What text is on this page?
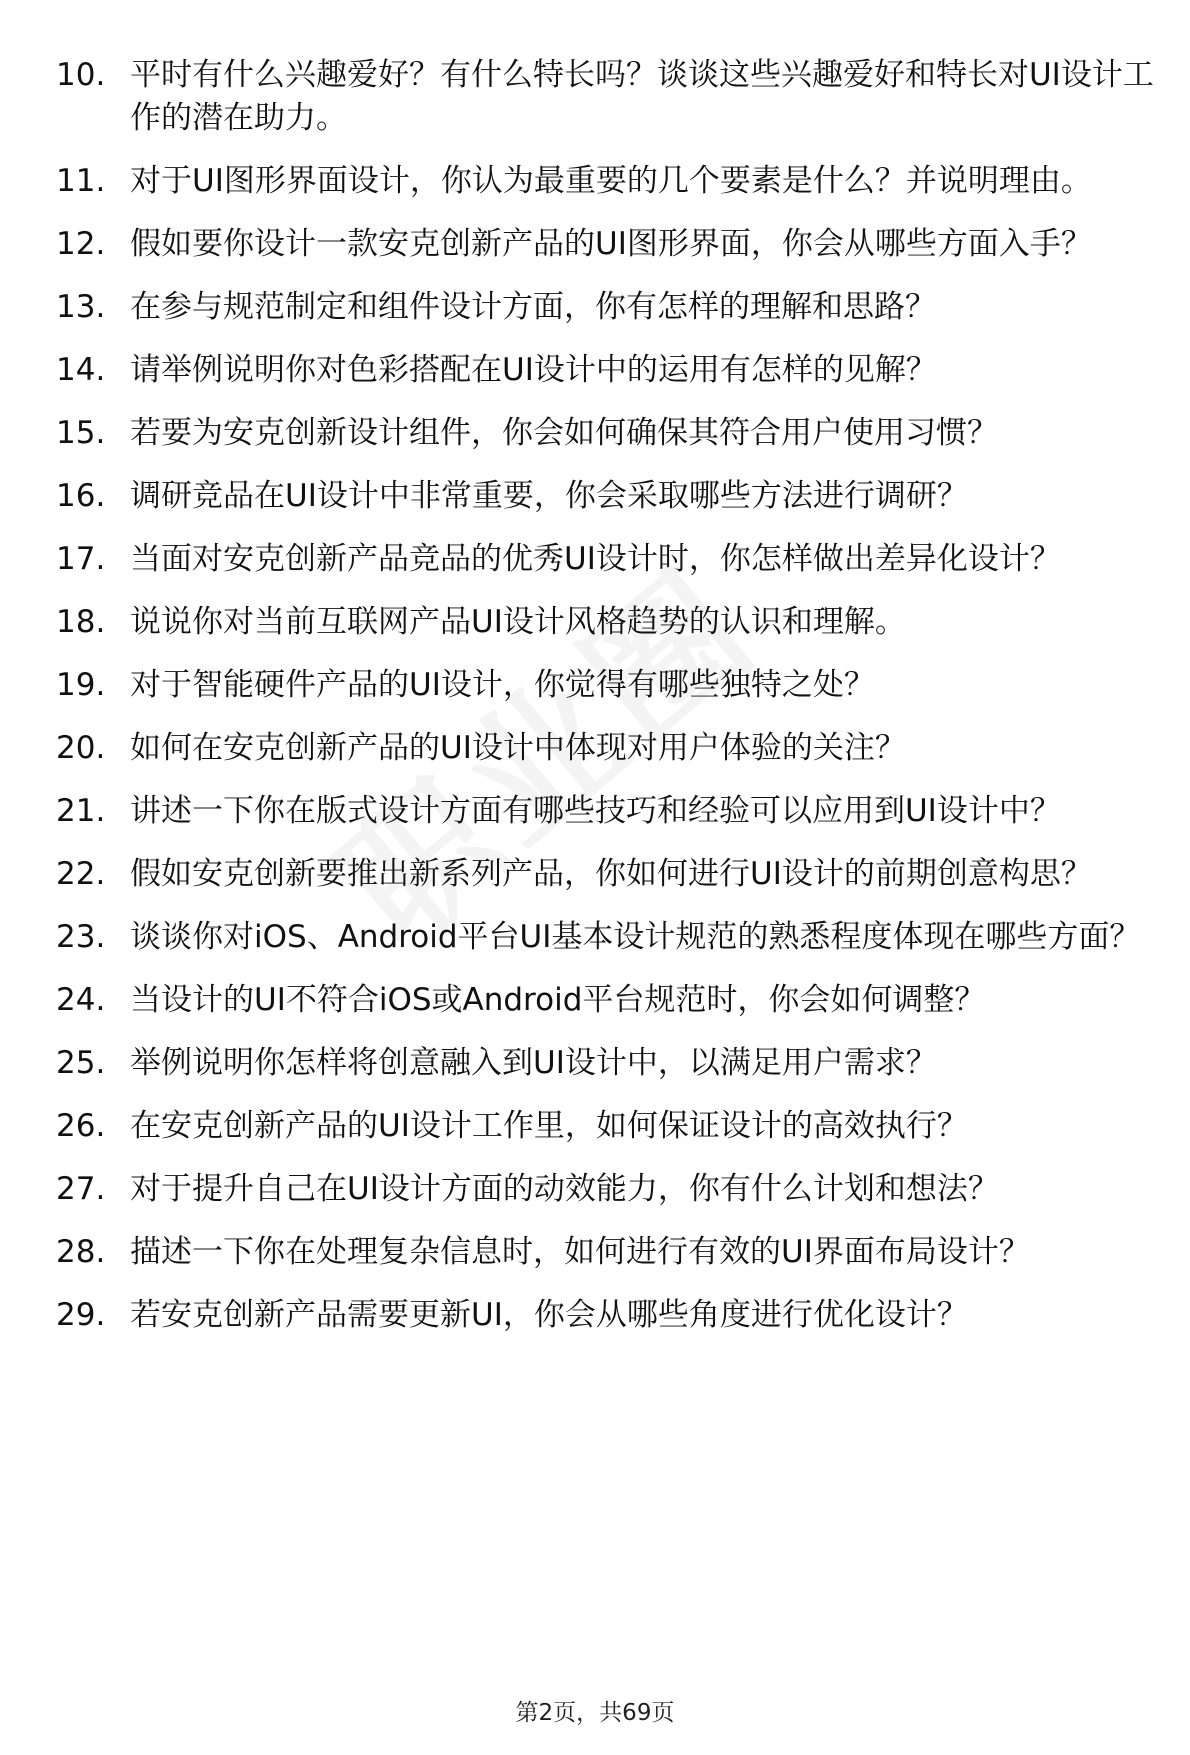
10. 平时有什么兴趣爱好？有什么特长吗？谈谈这些兴趣爱好和特长对UI设计工作的潜在助力。
11. 对于UI图形界面设计，你认为最重要的几个要素是什么？并说明理由。
12. 假如要你设计一款安克创新产品的UI图形界面，你会从哪些方面入手？
13. 在参与规范制定和组件设计方面，你有怎样的理解和思路？
14. 请举例说明你对色彩搭配在UI设计中的运用有怎样的见解？
15. 若要为安克创新设计组件，你会如何确保其符合用户使用习惯？
16. 调研竞品在UI设计中非常重要，你会采取哪些方法进行调研？
17. 当面对安克创新产品竞品的优秀UI设计时，你怎样做出差异化设计？
18. 说说你对当前互联网产品UI设计风格趋势的认识和理解。
19. 对于智能硬件产品的UI设计，你觉得有哪些独特之处？
20. 如何在安克创新产品的UI设计中体现对用户体验的关注？
21. 讲述一下你在版式设计方面有哪些技巧和经验可以应用到UI设计中？
22. 假如安克创新要推出新系列产品，你如何进行UI设计的前期创意构思？
23. 谈谈你对iOS、Android平台UI基本设计规范的熟悉程度体现在哪些方面？
24. 当设计的UI不符合iOS或Android平台规范时，你会如何调整？
25. 举例说明你怎样将创意融入到UI设计中，以满足用户需求？
26. 在安克创新产品的UI设计工作里，如何保证设计的高效执行？
27. 对于提升自己在UI设计方面的动效能力，你有什么计划和想法？
28. 描述一下你在处理复杂信息时，如何进行有效的UI界面布局设计？
29. 若安克创新产品需要更新UI，你会从哪些角度进行优化设计？
第2页，共69页
